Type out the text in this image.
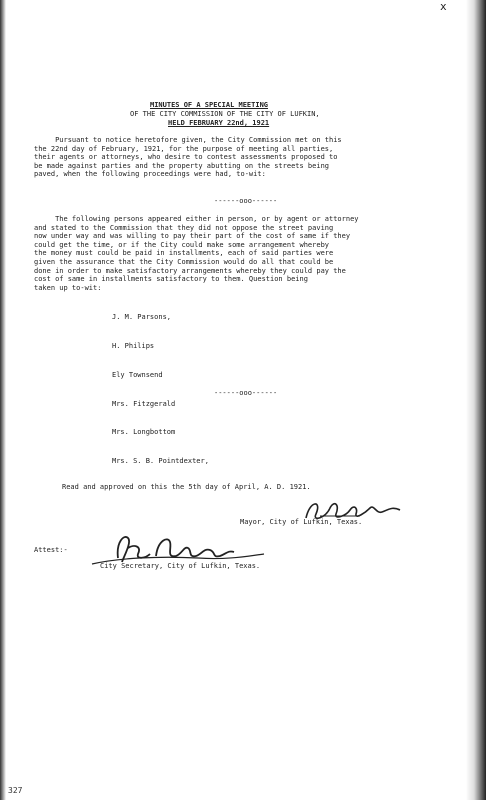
x
MINUTES OF A SPECIAL MEETING
OF THE CITY COMMISSION OF THE CITY OF LUFKIN,
HELD FEBRUARY 22nd, 1921
Pursuant to notice heretofore given, the City Commission met on this
the 22nd day of February, 1921, for the purpose of meeting all parties,
their agents or attorneys, who desire to contest assessments proposed to
be made against parties and the property abutting on the streets being
paved, when the following proceedings were had, to-wit:
------ooo------
The following persons appeared either in person, or by agent or attorney
and stated to the Commission that they did not oppose the street paving
now under way and was willing to pay their part of the cost of same if they
could get the time, or if the City could make some arrangement whereby
the money must could be paid in installments, each of said parties were
given the assurance that the City Commission would do all that could be
done in order to make satisfactory arrangements whereby they could pay the
cost of same in installments satisfactory to them. Question being
taken up to-wit:

J. M. Parsons,

H. Philips

Ely Townsend

Mrs. Fitzgerald

Mrs. Longbottom

Mrs. S. B. Pointdexter,

------ooo------
Read and approved on this the 5th day of April, A. D. 1921.
Mayor, City of Lufkin, Texas.
Attest:-
City Secretary, City of Lufkin, Texas.
327
